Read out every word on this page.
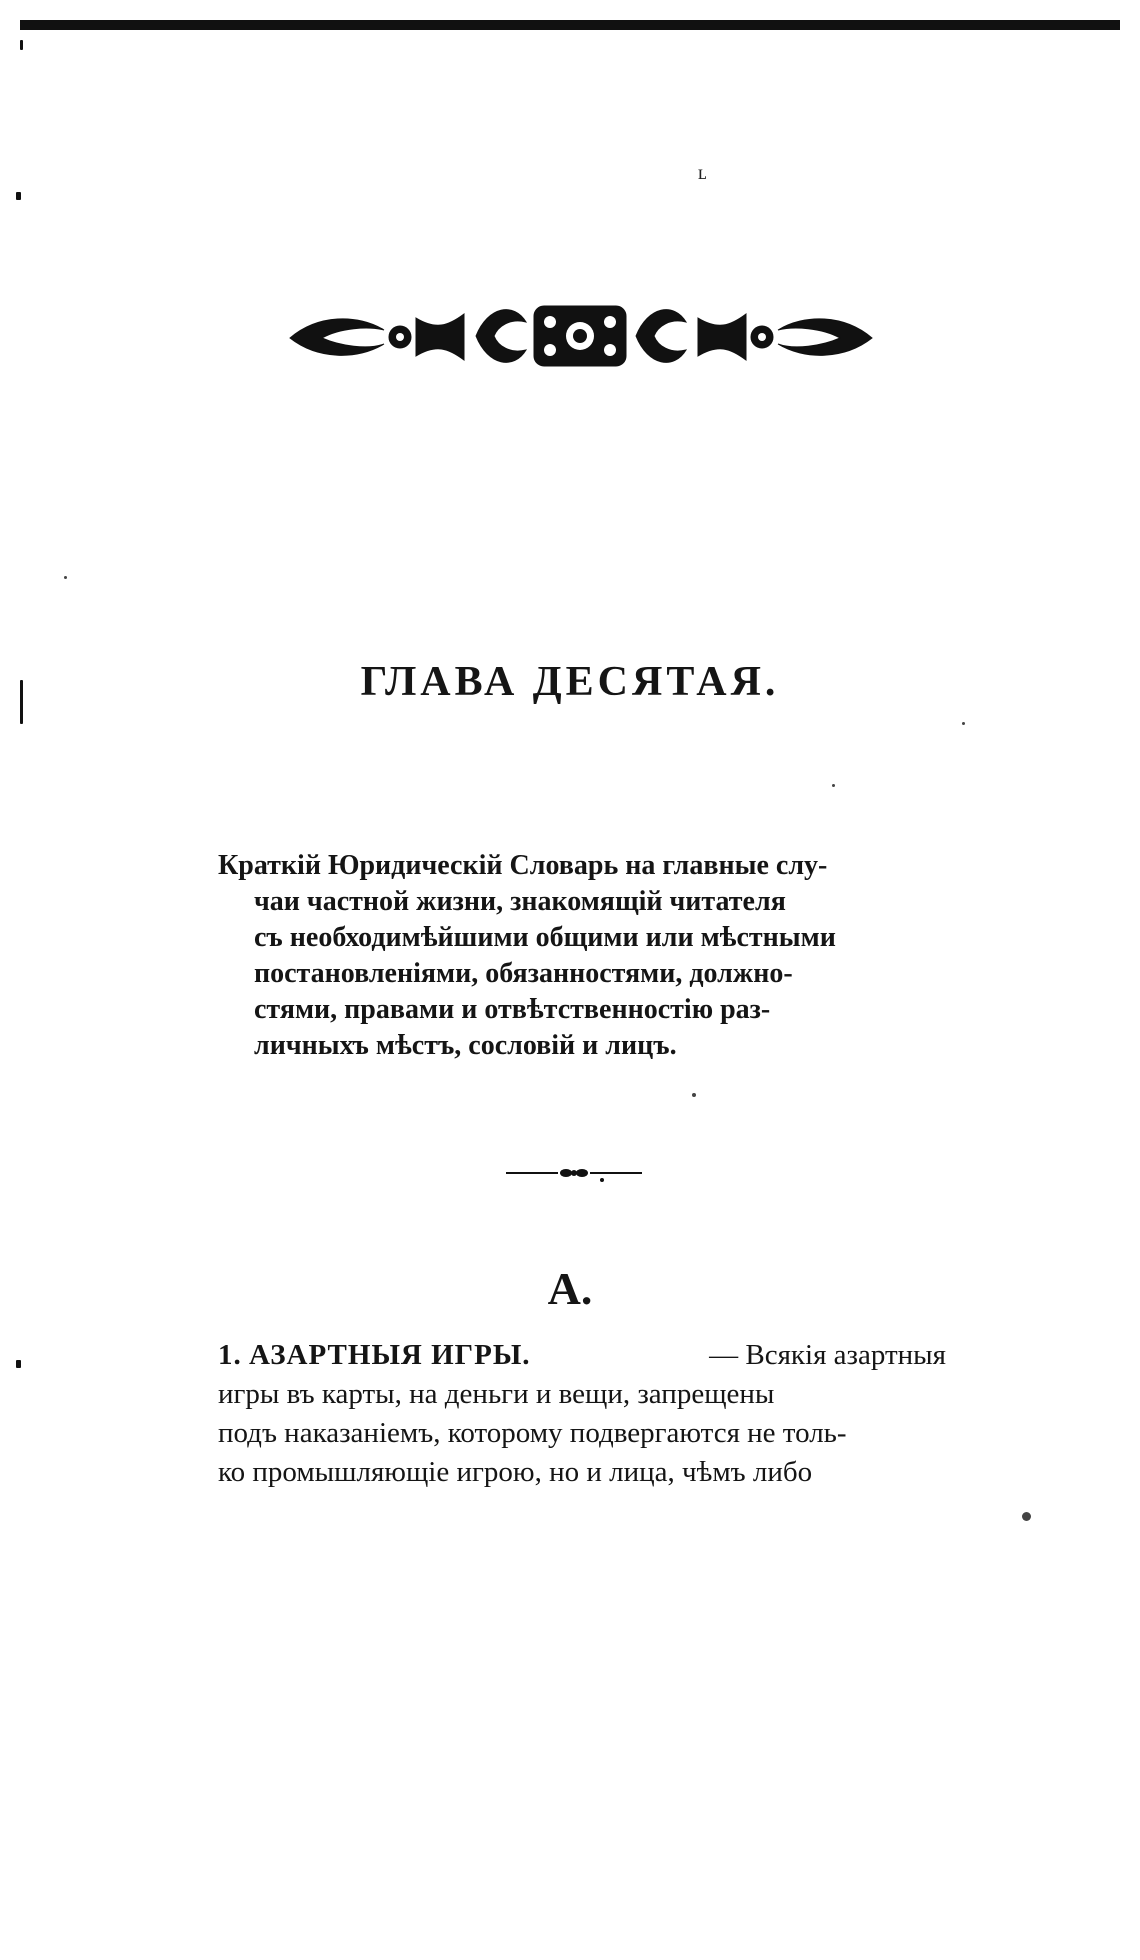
ʟ
ГЛАВА ДЕСЯТАЯ.
Краткій Юридическій Словарь на главные слу-
чаи частной жизни, знакомящій читателя
съ необходимѣйшими общими или мѣстными
постановленіями, обязанностями, должно-
стями, правами и отвѣтственностію раз-
личныхъ мѣстъ, сословій и лицъ.
А.
1. АЗАРТНЫЯ ИГРЫ.	— Всякія азартныя
игры въ карты, на деньги и вещи, запрещены
подъ наказаніемъ, которому подвергаются не толь-
ко промышляющіе игрою, но и лица, чѣмъ либо
